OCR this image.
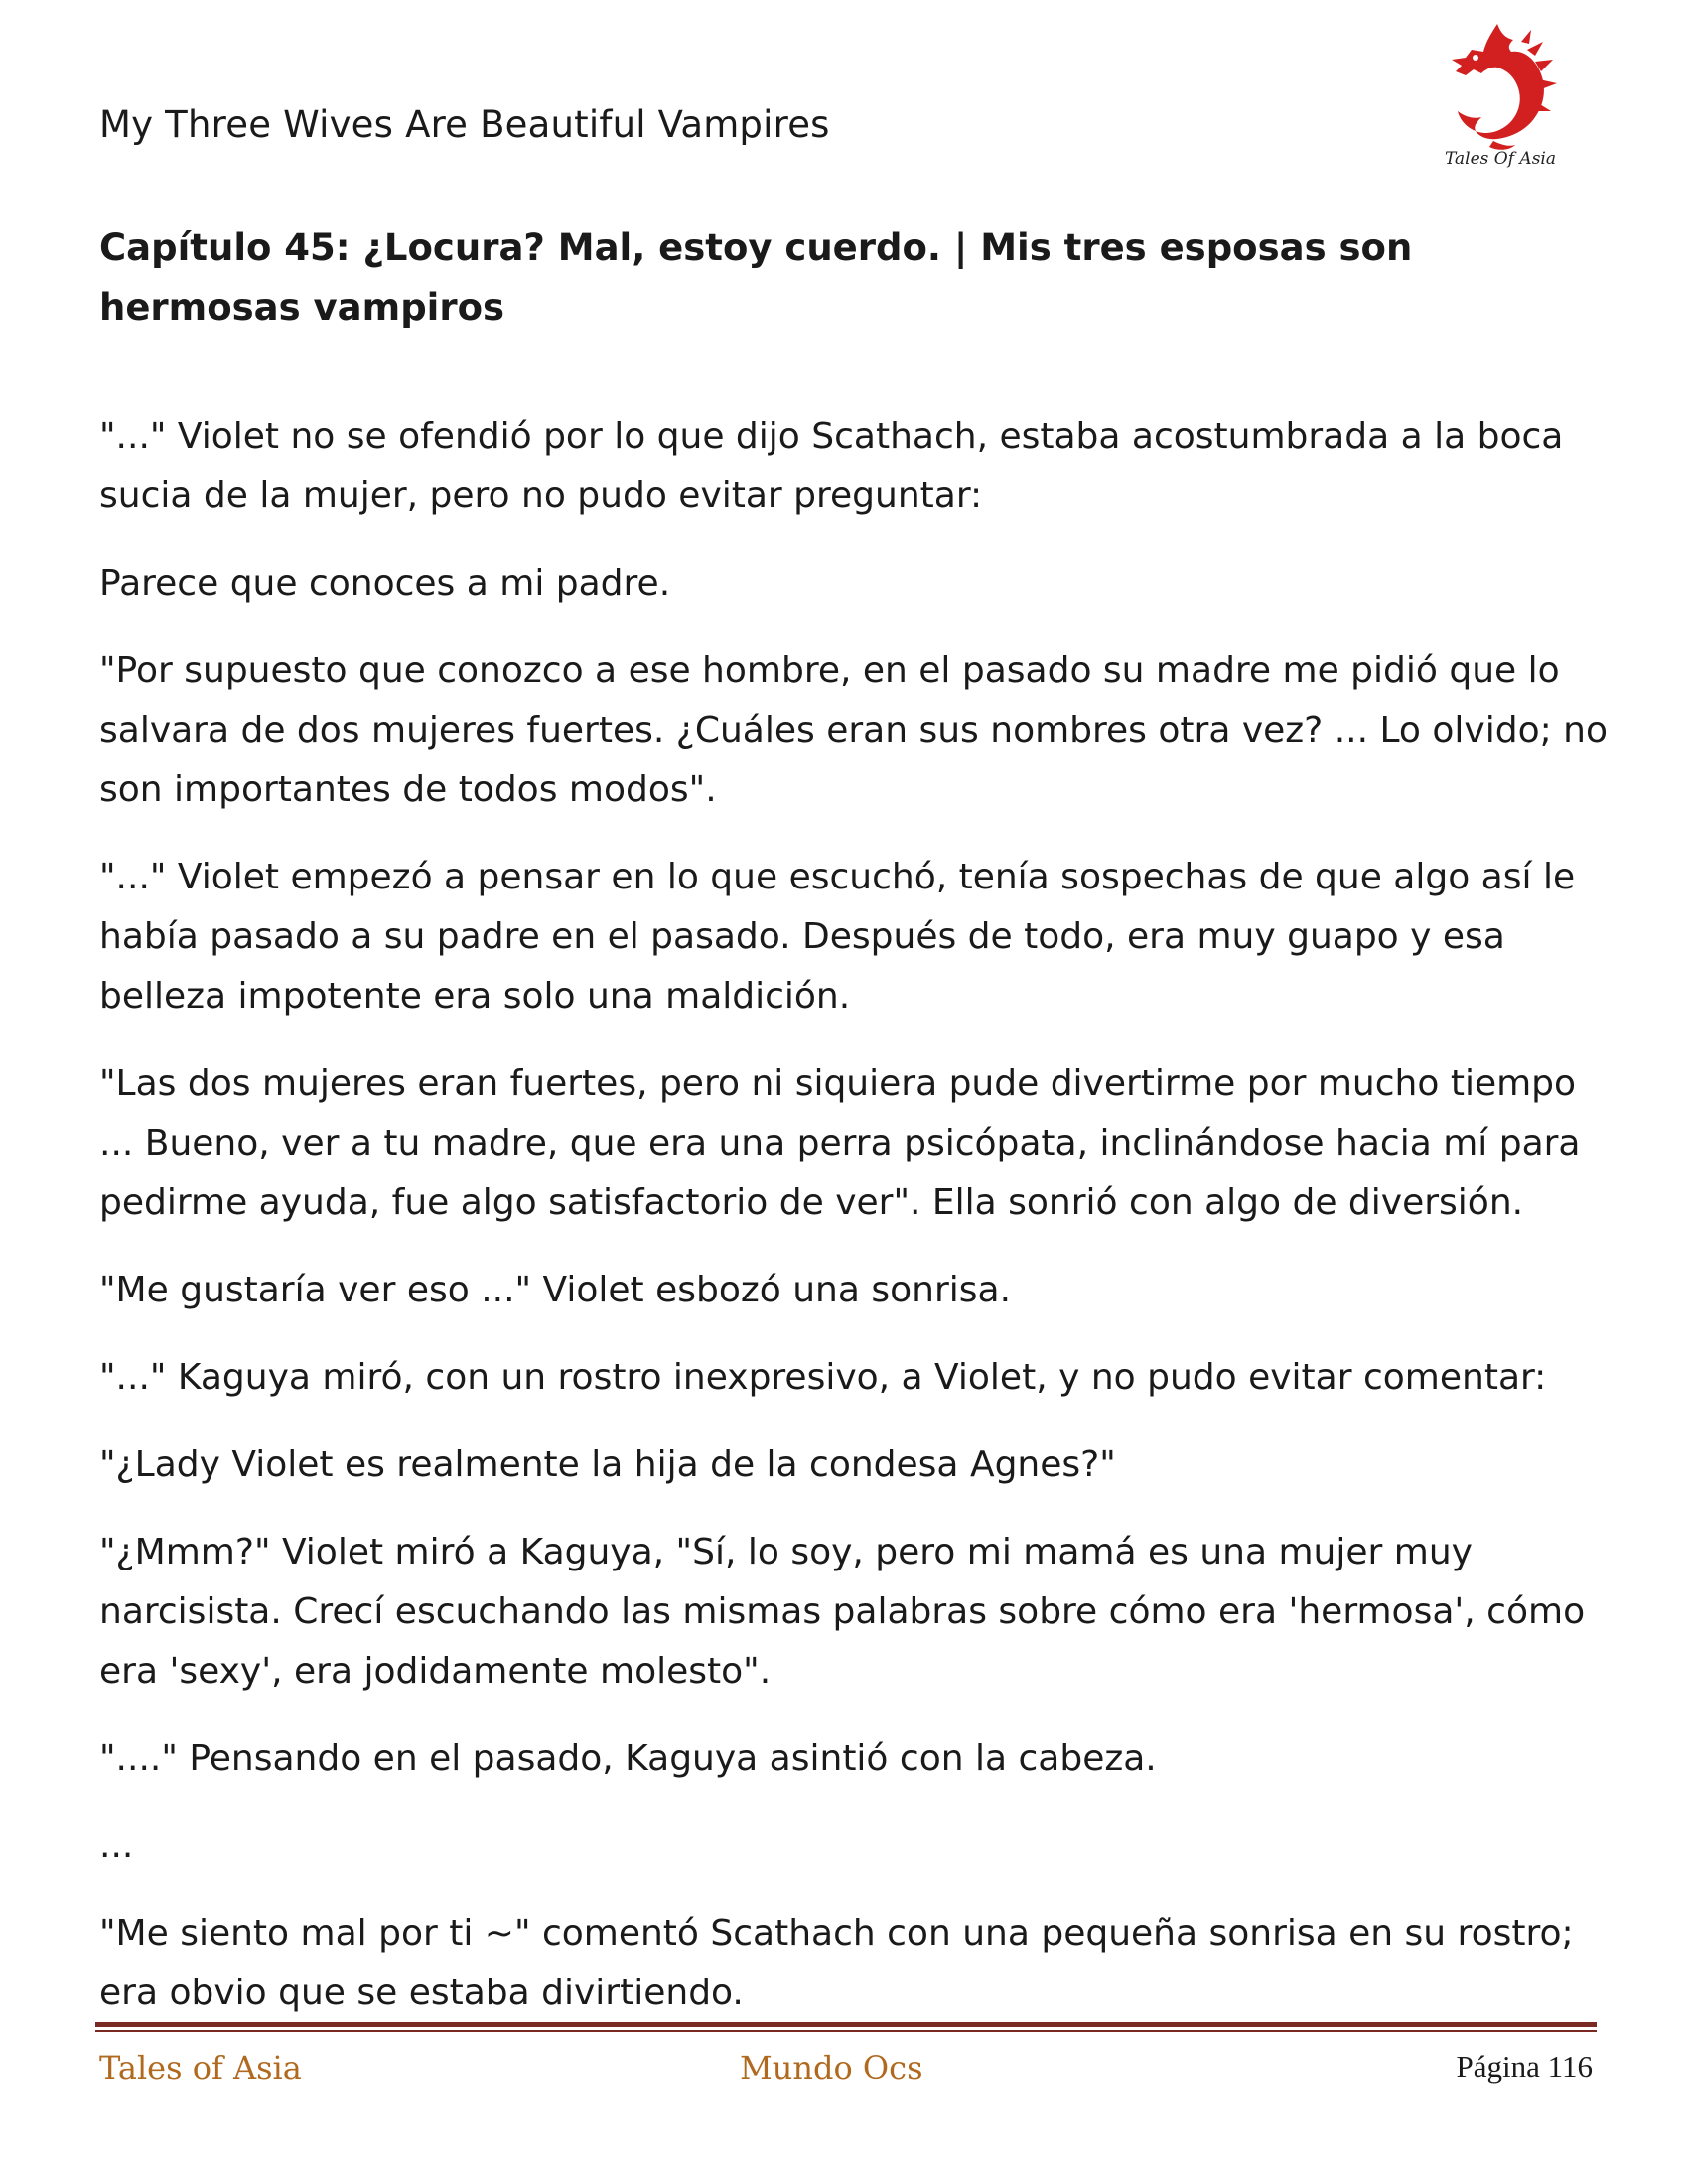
My Three Wives Are Beautiful Vampires
Tales Of Asia
Capítulo 45: ¿Locura? Mal, estoy cuerdo. | Mis tres esposas son hermosas vampiros

"..." Violet no se ofendió por lo que dijo Scathach, estaba acostumbrada a la boca sucia de la mujer, pero no pudo evitar preguntar:

Parece que conoces a mi padre.

"Por supuesto que conozco a ese hombre, en el pasado su madre me pidió que lo salvara de dos mujeres fuertes. ¿Cuáles eran sus nombres otra vez? ... Lo olvido; no son importantes de todos modos".

"..." Violet empezó a pensar en lo que escuchó, tenía sospechas de que algo así le había pasado a su padre en el pasado. Después de todo, era muy guapo y esa belleza impotente era solo una maldición.

"Las dos mujeres eran fuertes, pero ni siquiera pude divertirme por mucho tiempo ... Bueno, ver a tu madre, que era una perra psicópata, inclinándose hacia mí para pedirme ayuda, fue algo satisfactorio de ver". Ella sonrió con algo de diversión.

"Me gustaría ver eso ..." Violet esbozó una sonrisa.

"..." Kaguya miró, con un rostro inexpresivo, a Violet, y no pudo evitar comentar:

"¿Lady Violet es realmente la hija de la condesa Agnes?"

"¿Mmm?" Violet miró a Kaguya, "Sí, lo soy, pero mi mamá es una mujer muy narcisista. Crecí escuchando las mismas palabras sobre cómo era 'hermosa', cómo era 'sexy', era jodidamente molesto".

"...." Pensando en el pasado, Kaguya asintió con la cabeza.

...

"Me siento mal por ti ~" comentó Scathach con una pequeña sonrisa en su rostro; era obvio que se estaba divirtiendo.

Tales of Asia	Mundo Ocs	Página 116
